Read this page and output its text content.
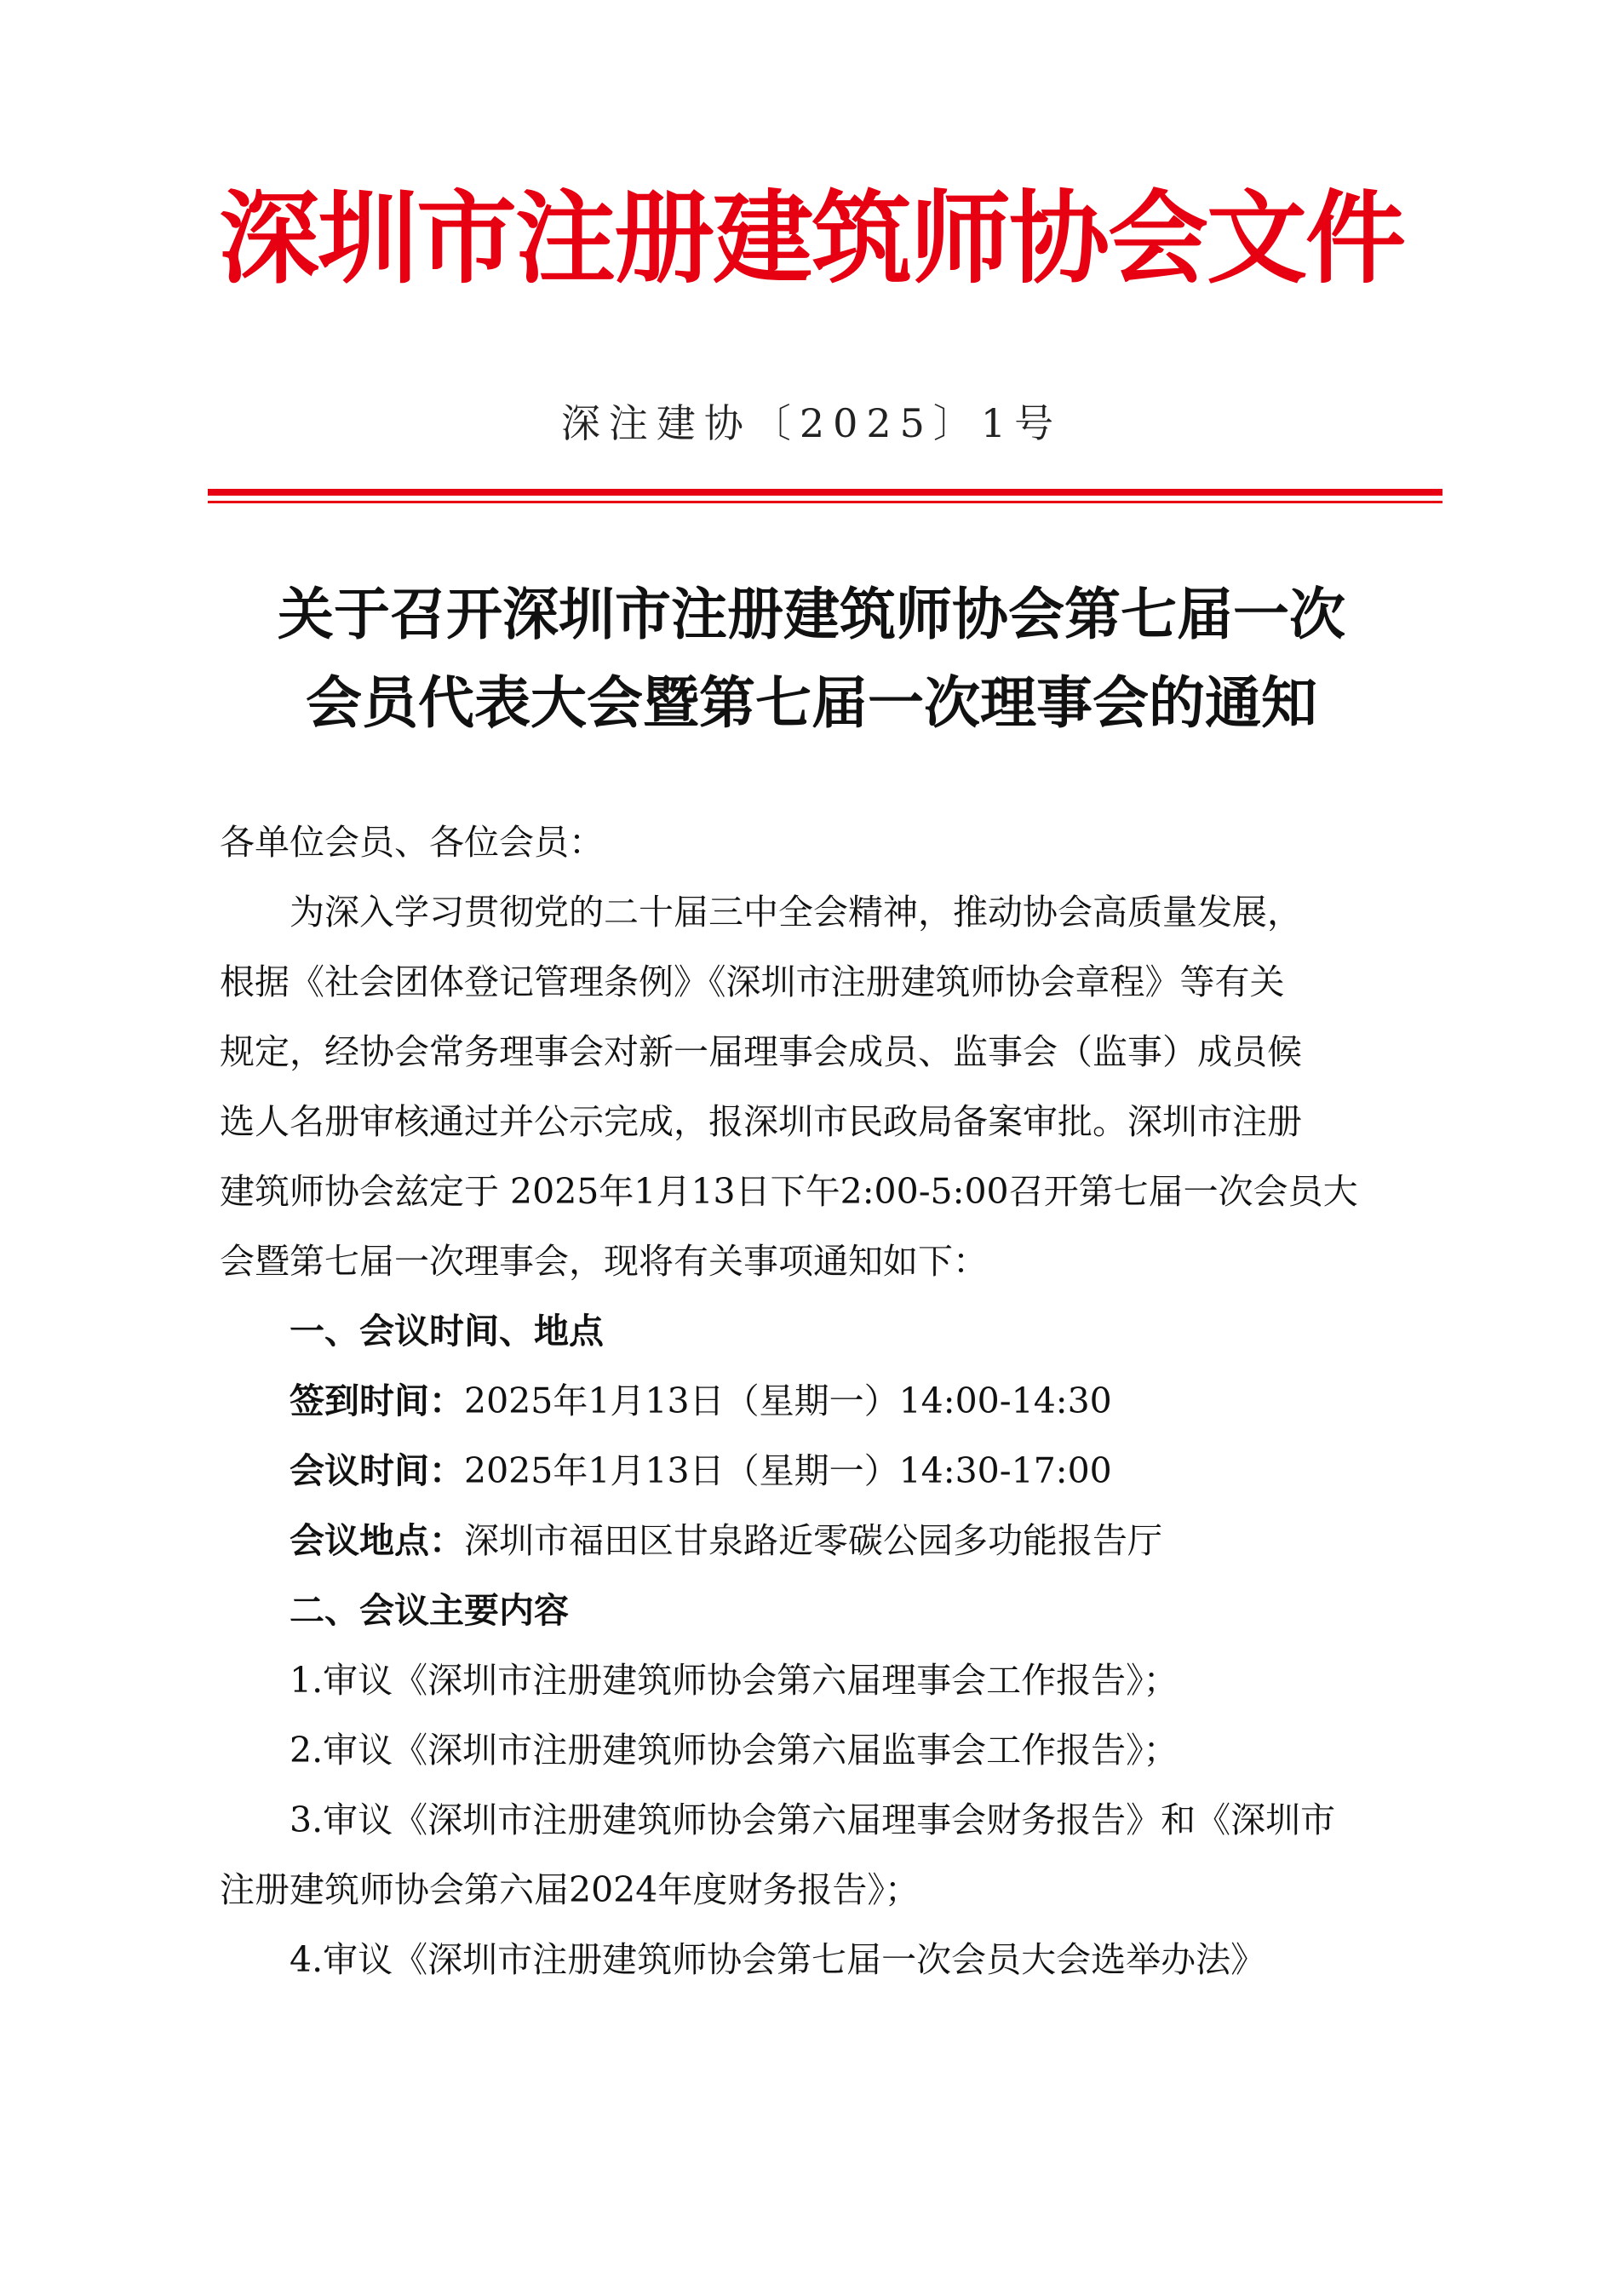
深圳市注册建筑师协会文件
深注建协〔2025〕1号
关于召开深圳市注册建筑师协会第七届一次
会员代表大会暨第七届一次理事会的通知
各单位会员、各位会员：
为深入学习贯彻党的二十届三中全会精神，推动协会高质量发展，
根据《社会团体登记管理条例》《深圳市注册建筑师协会章程》等有关
规定，经协会常务理事会对新一届理事会成员、监事会（监事）成员候
选人名册审核通过并公示完成，报深圳市民政局备案审批。深圳市注册
建筑师协会兹定于 2025年1月13日下午2:00-5:00召开第七届一次会员大
会暨第七届一次理事会，现将有关事项通知如下：
一、会议时间、地点
签到时间：2025年1月13日（星期一）14:00-14:30
会议时间：2025年1月13日（星期一）14:30-17:00
会议地点：深圳市福田区甘泉路近零碳公园多功能报告厅
二、会议主要内容
1.审议《深圳市注册建筑师协会第六届理事会工作报告》；
2.审议《深圳市注册建筑师协会第六届监事会工作报告》；
3.审议《深圳市注册建筑师协会第六届理事会财务报告》和《深圳市
注册建筑师协会第六届2024年度财务报告》；
4.审议《深圳市注册建筑师协会第七届一次会员大会选举办法》
